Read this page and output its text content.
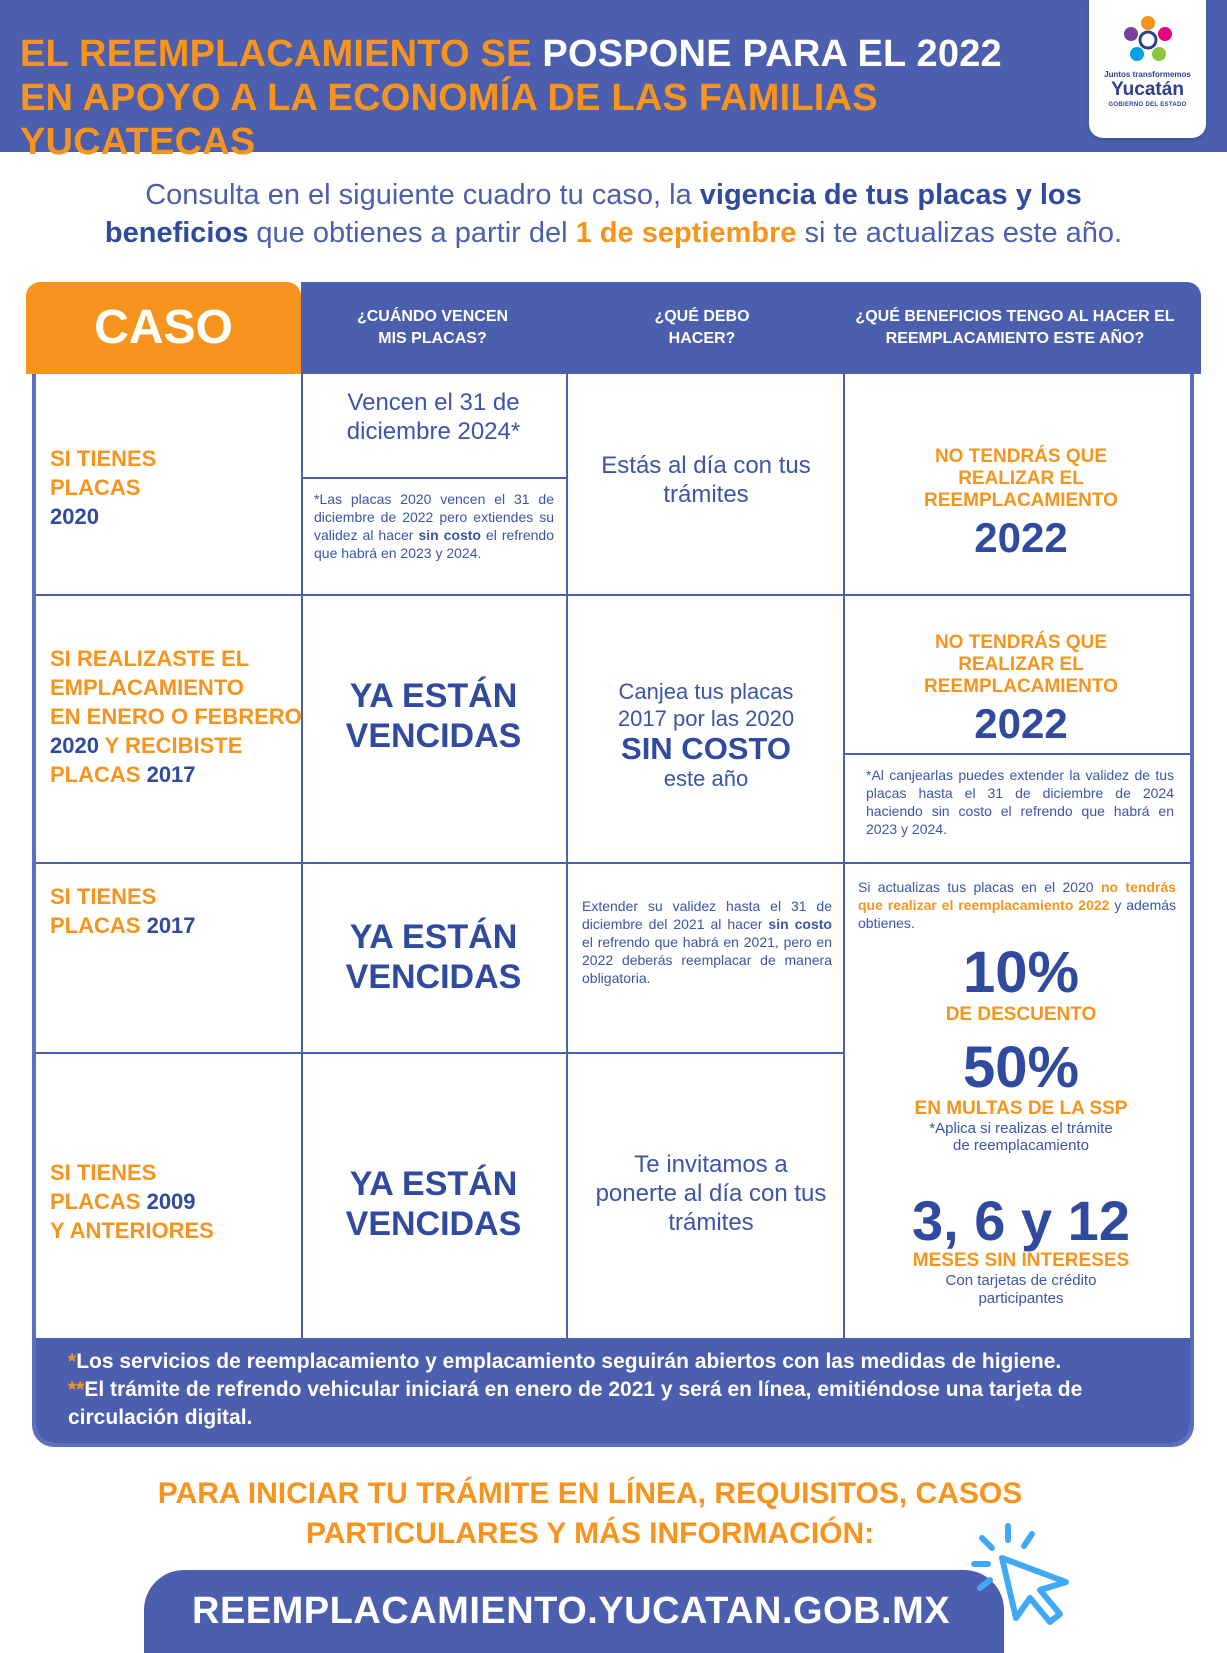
EL REEMPLACAMIENTO SE POSPONE PARA EL 2022
EN APOYO A LA ECONOMÍA DE LAS FAMILIAS YUCATECAS
Juntos transformemos
Yucatán
GOBIERNO DEL ESTADO
Consulta en el siguiente cuadro tu caso, la vigencia de tus placas y los
beneficios que obtienes a partir del 1 de septiembre si te actualizas este año.
CASO	¿CUÁNDO VENCEN
MIS PLACAS?
¿QUÉ DEBO
HACER?
¿QUÉ BENEFICIOS TENGO AL HACER EL
REEMPLACAMIENTO ESTE AÑO?
SI TIENES
PLACAS
2020
Vencen el 31 de diciembre 2024*
*Las placas 2020 vencen el 31 de diciembre de 2022 pero extiendes su validez al hacer sin costo el refrendo que habrá en 2023 y 2024.
Estás al día con tus trámites
NO TENDRÁS QUE REALIZAR EL REEMPLACAMIENTO
2022
SI REALIZASTE EL
EMPLACAMIENTO
EN ENERO O FEBRERO
2020 Y RECIBISTE
PLACAS 2017
YA ESTÁN
VENCIDAS
Canjea tus placas
2017 por las 2020
SIN COSTO
este año
NO TENDRÁS QUE REALIZAR EL REEMPLACAMIENTO
2022
*Al canjearlas puedes extender la validez de tus placas hasta el 31 de diciembre de 2024 haciendo sin costo el refrendo que habrá en 2023 y 2024.
SI TIENES
PLACAS 2017	YA ESTÁN
VENCIDAS
Extender su validez hasta el 31 de diciembre del 2021 al hacer sin costo el refrendo que habrá en 2021, pero en 2022 deberás reemplacar de manera obligatoria.
Si actualizas tus placas en el 2020 no tendrás que realizar el reemplacamiento 2022 y además obtienes.
10%
DE DESCUENTO
50%
EN MULTAS DE LA SSP
*Aplica si realizas el trámite
de reemplacamiento
3, 6 y 12
MESES SIN INTERESES
Con tarjetas de crédito
participantes
SI TIENES
PLACAS 2009
Y ANTERIORES
YA ESTÁN
VENCIDAS
Te invitamos a ponerte al día con tus trámites
*Los servicios de reemplacamiento y emplacamiento seguirán abiertos con las medidas de higiene.
**El trámite de refrendo vehicular iniciará en enero de 2021 y será en línea, emitiéndose una tarjeta de circulación digital.
PARA INICIAR TU TRÁMITE EN LÍNEA, REQUISITOS, CASOS
PARTICULARES Y MÁS INFORMACIÓN:
REEMPLACAMIENTO.YUCATAN.GOB.MX
